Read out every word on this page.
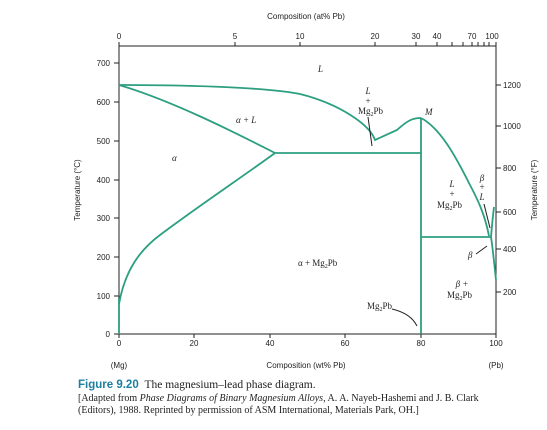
0
100
200
300
400
500
600
700
Temperature (°C)
200
400
600
800
1000
1200
Temperature (°F)
0	20	40	60	80	100
Composition (wt% Pb)
(Mg)	(Pb)
0	5	10	20	30 40	70 100
Composition (at% Pb)
L
α + L
α
$\alpha + Mg_2Pb$
M
L
+
$Mg_2Pb$
L
+
$Mg_2Pb$
β
+
L
β
β +
$Mg_2Pb$
$Mg_2Pb$
Figure 9.20 The magnesium–lead phase diagram.
[Adapted from Phase Diagrams of Binary Magnesium Alloys, A. A. Nayeb-Hashemi and J. B. Clark
(Editors), 1988. Reprinted by permission of ASM International, Materials Park, OH.]
